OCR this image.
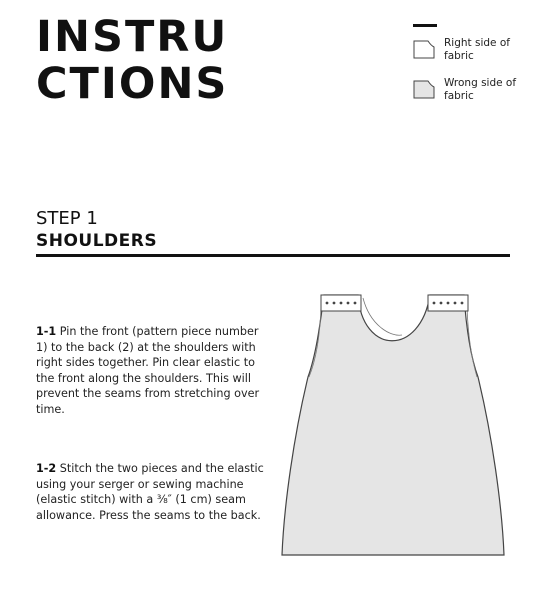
INSTRU
CTIONS
Right side of fabric
Wrong side of fabric
STEP 1
SHOULDERS

1-1 Pin the front (pattern piece number 1) to the back (2) at the shoulders with right sides together. Pin clear elastic to the front along the shoulders. This will prevent the seams from stretching over time.

1-2 Stitch the two pieces and the elastic using your serger or sewing machine (elastic stitch) with a ⅜″ (1 cm) seam allowance. Press the seams to the back.
